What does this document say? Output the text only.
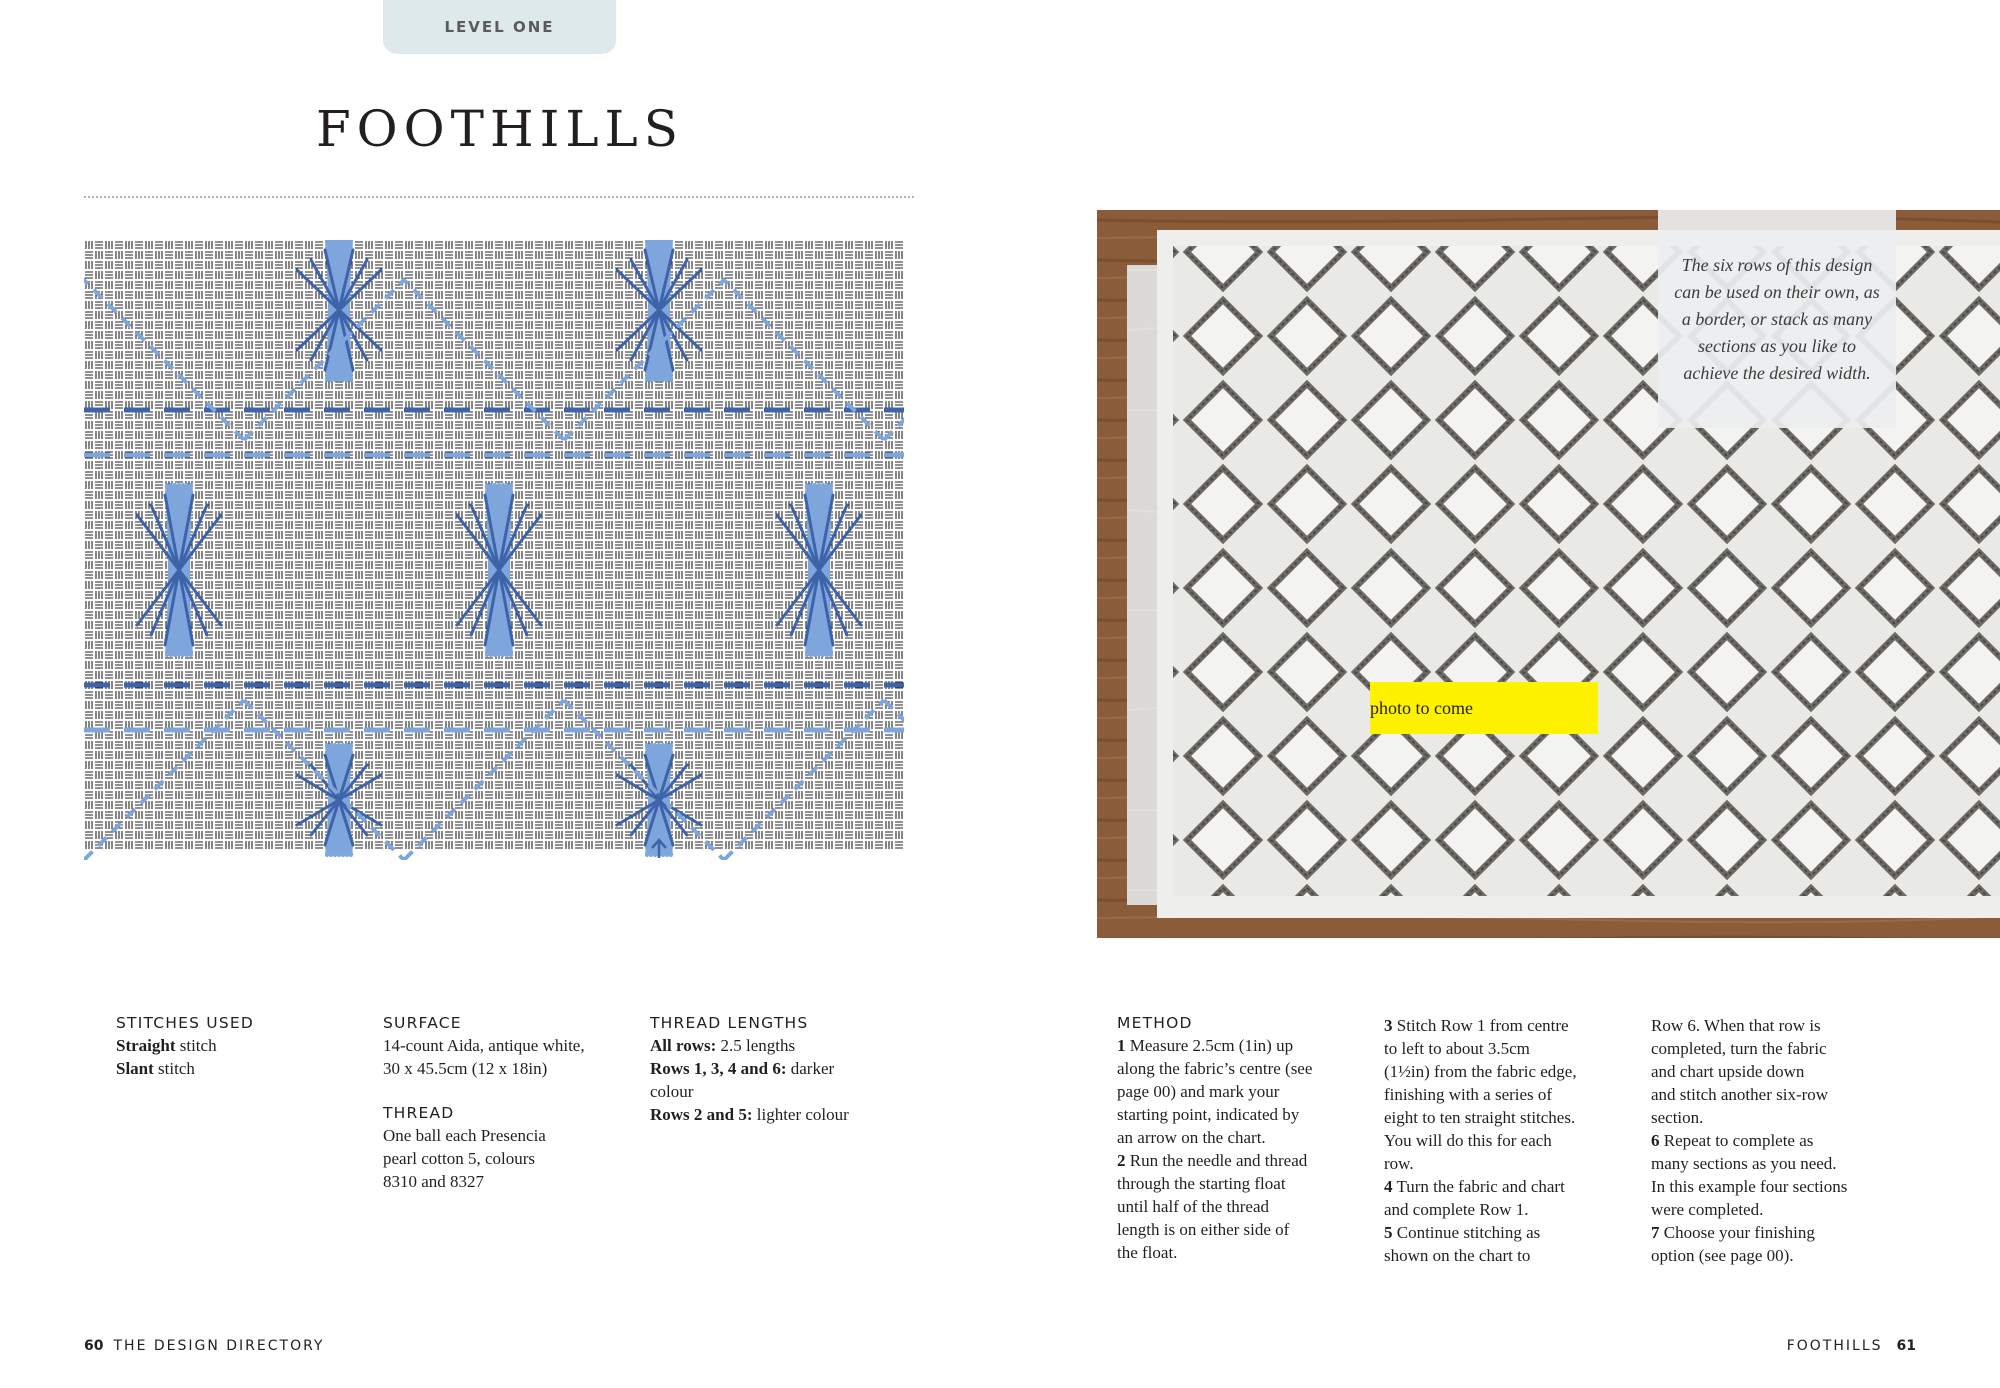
LEVEL ONE
FOOTHILLS

The six rows of this design can be used on their own, as a border, or stack as many sections as you like to achieve the desired width.

photo to come
STITCHES USED

Straight stitch

Slant stitch

SURFACE

14-count Aida, antique white,

30 x 45.5cm (12 x 18in)

THREAD

One ball each Presencia

pearl cotton 5, colours

8310 and 8327

THREAD LENGTHS

All rows: 2.5 lengths

Rows 1, 3, 4 and 6: darker

colour

Rows 2 and 5: lighter colour

METHOD

1 Measure 2.5cm (1in) up

along the fabric’s centre (see

page 00) and mark your

starting point, indicated by

an arrow on the chart.

2 Run the needle and thread

through the starting float

until half of the thread

length is on either side of

the float.

3 Stitch Row 1 from centre

to left to about 3.5cm

(1½in) from the fabric edge,

finishing with a series of

eight to ten straight stitches.

You will do this for each

row.

4 Turn the fabric and chart

and complete Row 1.

5 Continue stitching as

shown on the chart to

Row 6. When that row is

completed, turn the fabric

and chart upside down

and stitch another six-row

section.

6 Repeat to complete as

many sections as you need.

In this example four sections

were completed.

7 Choose your finishing

option (see page 00).

60 THE DESIGN DIRECTORY	FOOTHILLS 61
